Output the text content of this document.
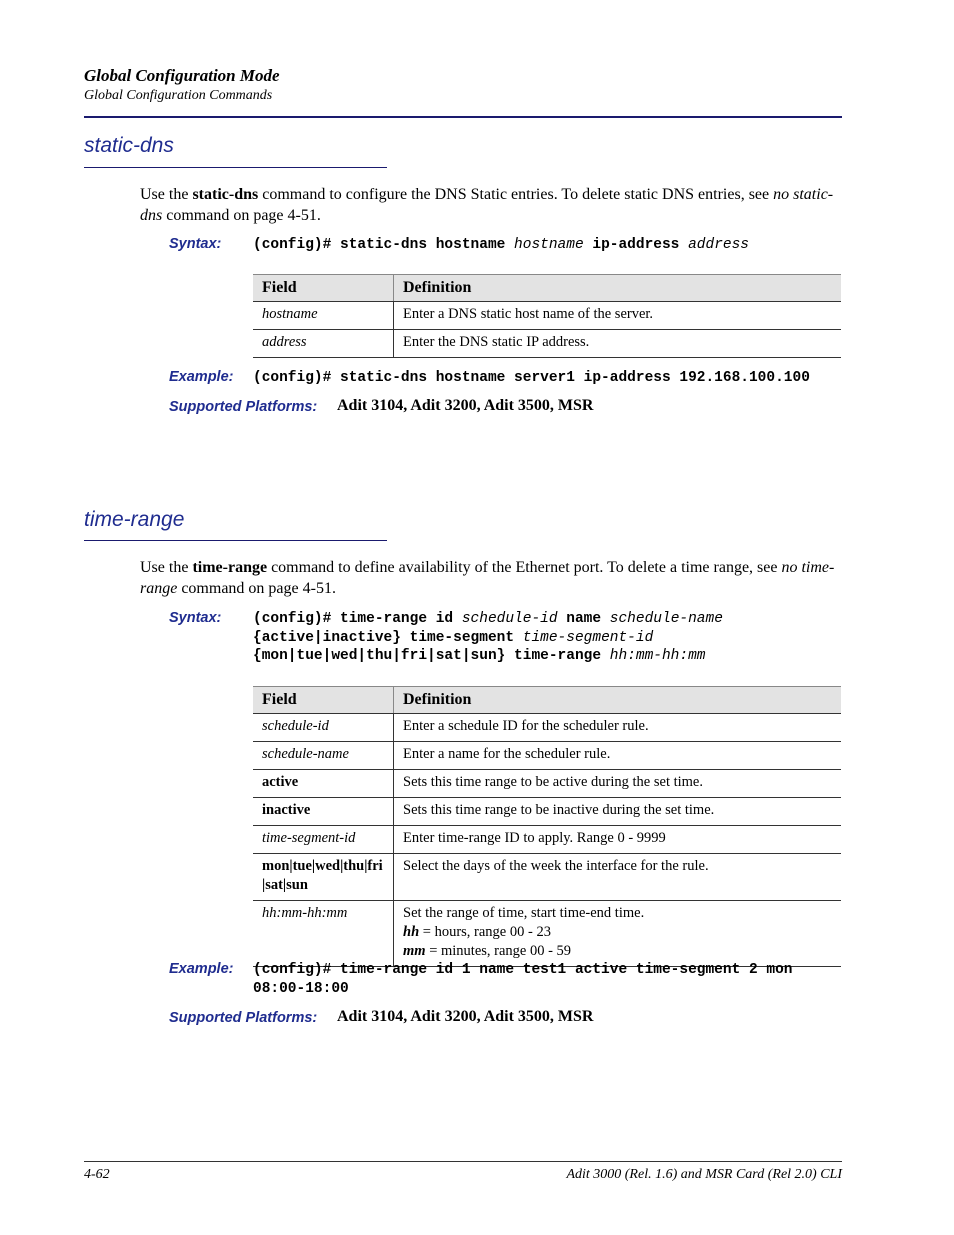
Global Configuration Mode
Global Configuration Commands
static-dns
Use the static-dns command to configure the DNS Static entries. To delete static DNS entries, see no static-dns command on page 4-51.
Syntax: (config)# static-dns hostname hostname ip-address address
Field	Definition
hostname	Enter a DNS static host name of the server.
address	Enter the DNS static IP address.
Example: (config)# static-dns hostname server1 ip-address 192.168.100.100
Supported Platforms: Adit 3104, Adit 3200, Adit 3500, MSR
time-range
Use the time-range command to define availability of the Ethernet port. To delete a time range, see no time-range command on page 4-51.
Syntax: (config)# time-range id schedule-id name schedule-name
{active|inactive} time-segment time-segment-id
{mon|tue|wed|thu|fri|sat|sun} time-range hh:mm-hh:mm
Field	Definition
schedule-id	Enter a schedule ID for the scheduler rule.
schedule-name	Enter a name for the scheduler rule.
active	Sets this time range to be active during the set time.
inactive	Sets this time range to be inactive during the set time.
time-segment-id	Enter time-range ID to apply. Range 0 - 9999
mon|tue|wed|thu|fri
|sat|sun	Select the days of the week the interface for the rule.
hh:mm-hh:mm	Set the range of time, start time-end time.
hh = hours, range 00 - 23
mm = minutes, range 00 - 59
Example: (config)# time-range id 1 name test1 active time-segment 2 mon
08:00-18:00
Supported Platforms: Adit 3104, Adit 3200, Adit 3500, MSR
4-62	Adit 3000 (Rel. 1.6) and MSR Card (Rel 2.0) CLI
